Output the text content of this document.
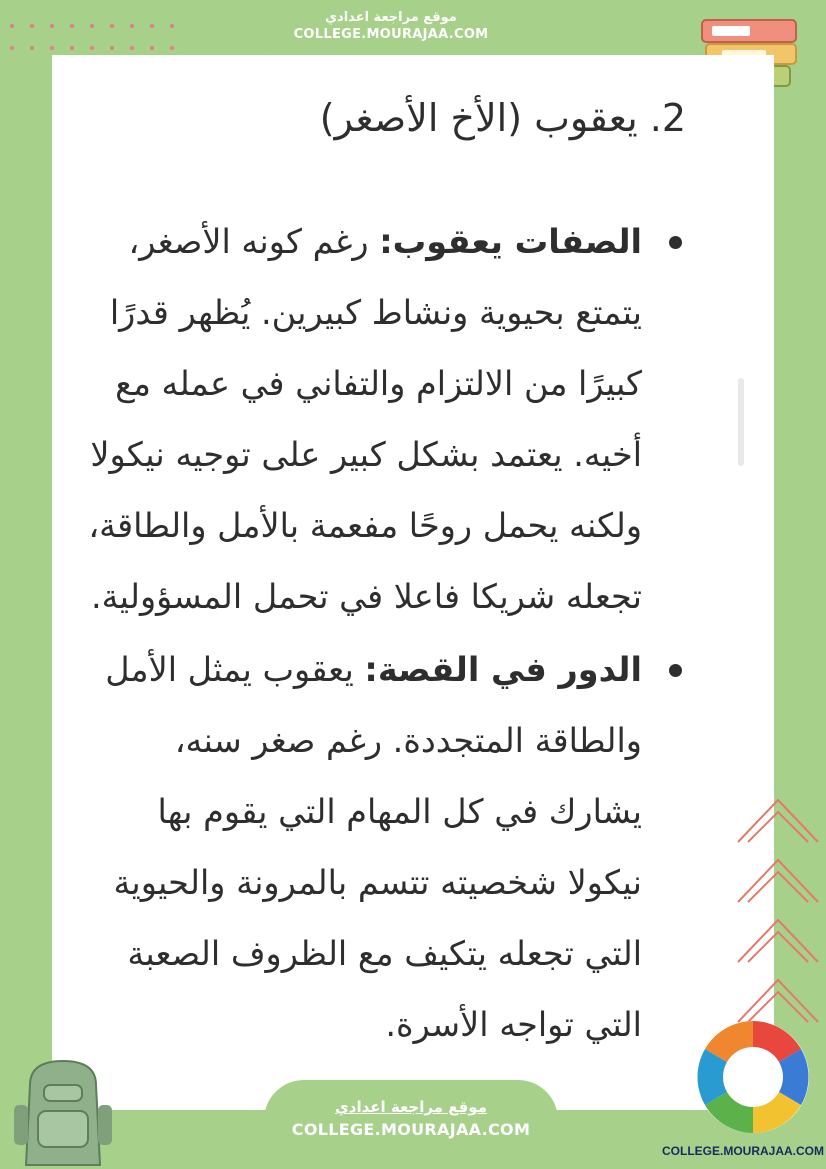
موقع مراجعة اعدادي
COLLEGE.MOURAJAA.COM
2. يعقوب (الأخ الأصغر)

الصفات يعقوب: رغم كونه الأصغر، يتمتع بحيوية ونشاط كبيرين. يُظهر قدرًا كبيرًا من الالتزام والتفاني في عمله مع أخيه. يعتمد بشكل كبير على توجيه نيكولا ولكنه يحمل روحًا مفعمة بالأمل والطاقة، تجعله شريكا فاعلا في تحمل المسؤولية.

الدور في القصة: يعقوب يمثل الأمل والطاقة المتجددة. رغم صغر سنه، يشارك في كل المهام التي يقوم بها نيكولا شخصيته تتسم بالمرونة والحيوية التي تجعله يتكيف مع الظروف الصعبة التي تواجه الأسرة.

موقع مراجعة اعدادي
COLLEGE.MOURAJAA.COM
COLLEGE.MOURAJAA.COM
